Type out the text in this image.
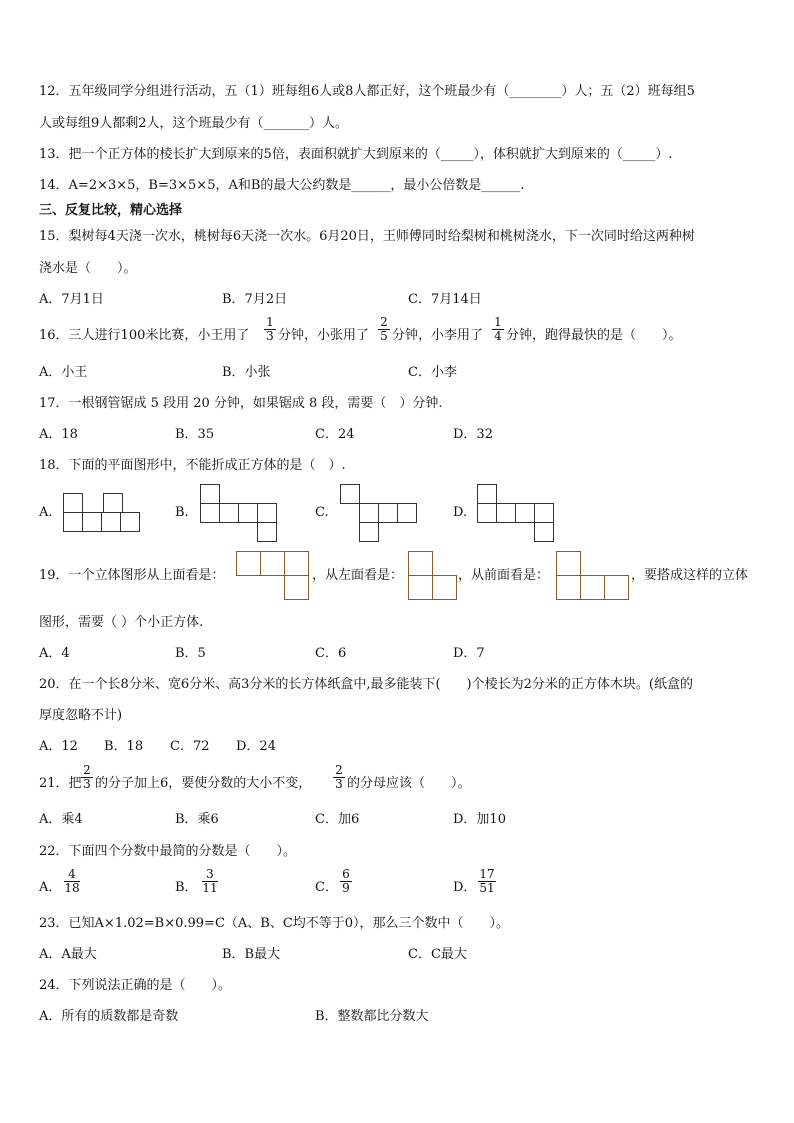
12．五年级同学分组进行活动，五（1）班每组6人或8人都正好，这个班最少有（________）人；五（2）班每组5
人或每组9人都剩2人，这个班最少有（_______）人。
13．把一个正方体的棱长扩大到原来的5倍，表面积就扩大到原来的（_____），体积就扩大到原来的（_____）.
14．A=2×3×5，B=3×5×5，A和B的最大公约数是______，最小公倍数是______.
三、反复比较，精心选择
15．梨树每4天浇一次水，桃树每6天浇一次水。6月20日，王师傅同时给梨树和桃树浇水，下一次同时给这两种树
浇水是（　　）。
A．7月1日	B．7月2日	C．7月14日
16．三人进行100米比赛，小王用了 $\frac{1}{3}$ 分钟，小张用了 $\frac{2}{5}$ 分钟，小李用了 $\frac{1}{4}$ 分钟，跑得最快的是（　　）。
A．小王	B．小张	C．小李
17．一根钢管锯成 5 段用 20 分钟，如果锯成 8 段，需要（　）分钟.
A．18	B．35	C．24	D．32
18．下面的平面图形中，不能折成正方体的是（　）.
A.	B.	C.	D.
19．一个立体图形从上面看是：	，从左面看是：	，从前面看是：	，要搭成这样的立体
图形，需要（ ）个小正方体.
A．4	B．5	C．6	D．7
20．在一个长8分米、宽6分米、高3分米的长方体纸盒中,最多能装下(　　)个棱长为2分米的正方体木块。(纸盒的
厚度忽略不计)
A．12 B．18 C．72 D．24
21．把 $\frac{2}{3}$ 的分子加上6，要使分数的大小不变， $\frac{2}{3}$ 的分母应该（　　）。
A．乘4	B．乘6	C．加6	D．加10
22．下面四个分数中最简的分数是（　　）。
A． $\frac{4}{18}$	B． $\frac{3}{11}$	C． $\frac{6}{9}$	D． $\frac{17}{51}$
23．已知A×1.02=B×0.99=C（A、B、C均不等于0），那么三个数中（　　）。
A．A最大	B．B最大	C．C最大
24．下列说法正确的是（　　）。
A．所有的质数都是奇数	B．整数都比分数大
